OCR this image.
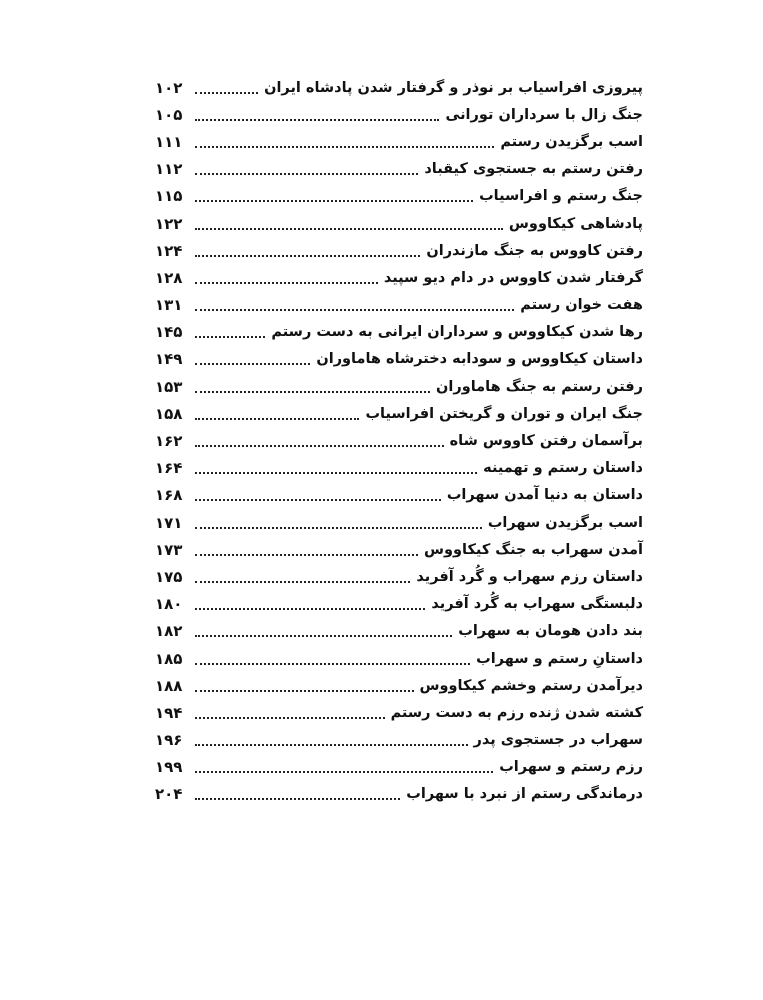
۱۰۲	پیروزی افراسیاب بر نوذر و گرفتار شدن پادشاه ایران
۱۰۵	جنگ زال با سرداران تورانی
۱۱۱	اسب برگزیدن رستم
۱۱۲	رفتن رستم به جستجوی کیقباد
۱۱۵	جنگ رستم و افراسیاب
۱۲۲	پادشاهی کیکاووس
۱۲۴	رفتن کاووس به جنگ مازندران
۱۲۸	گرفتار شدن کاووس در دام دیو سپید
۱۳۱	هفت خوان رستم
۱۴۵	رها شدن کیکاووس و سرداران ایرانی به دست رستم
۱۴۹	داستان کیکاووس و سودابه دخترشاه هاماوران
۱۵۳	رفتن رستم به جنگ هاماوران
۱۵۸	جنگ ایران و توران و گریختن افراسیاب
۱۶۲	برآسمان رفتن کاووس شاه
۱۶۴	داستان رستم و تهمینه
۱۶۸	داستان به دنیا آمدن سهراب
۱۷۱	اسب برگزیدن سهراب
۱۷۳	آمدن سهراب به جنگ کیکاووس
۱۷۵	داستان رزم سهراب و گُرد آفرید
۱۸۰	دلبستگی سهراب به گُرد آفرید
۱۸۲	بند دادن هومان به سهراب
۱۸۵	داستانِ رستم و سهراب
۱۸۸	دیرآمدن رستم وخشم کیکاووس
۱۹۴	کشته شدن ژنده رزم به دست رستم
۱۹۶	سهراب در جستجوی پدر
۱۹۹	رزم رستم و سهراب
۲۰۴	درماندگی رستم از نبرد با سهراب
